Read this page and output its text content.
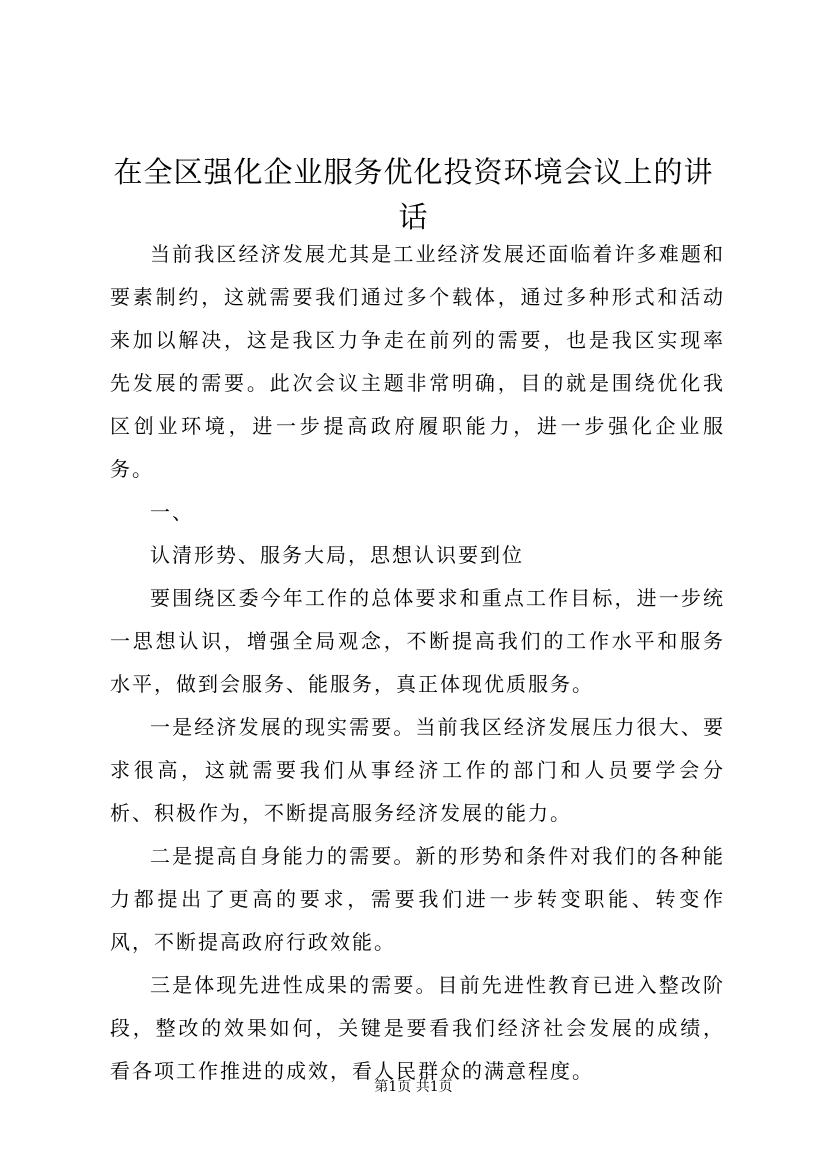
在全区强化企业服务优化投资环境会议上的讲话

当前我区经济发展尤其是工业经济发展还面临着许多难题和要素制约，这就需要我们通过多个载体，通过多种形式和活动来加以解决，这是我区力争走在前列的需要，也是我区实现率先发展的需要。此次会议主题非常明确，目的就是围绕优化我区创业环境，进一步提高政府履职能力，进一步强化企业服务。

一、

认清形势、服务大局，思想认识要到位

要围绕区委今年工作的总体要求和重点工作目标，进一步统一思想认识，增强全局观念，不断提高我们的工作水平和服务水平，做到会服务、能服务，真正体现优质服务。

一是经济发展的现实需要。当前我区经济发展压力很大、要求很高，这就需要我们从事经济工作的部门和人员要学会分析、积极作为，不断提高服务经济发展的能力。

二是提高自身能力的需要。新的形势和条件对我们的各种能力都提出了更高的要求，需要我们进一步转变职能、转变作风，不断提高政府行政效能。

三是体现先进性成果的需要。目前先进性教育已进入整改阶段，整改的效果如何，关键是要看我们经济社会发展的成绩，看各项工作推进的成效，看人民群众的满意程度。

第1页 共1页
